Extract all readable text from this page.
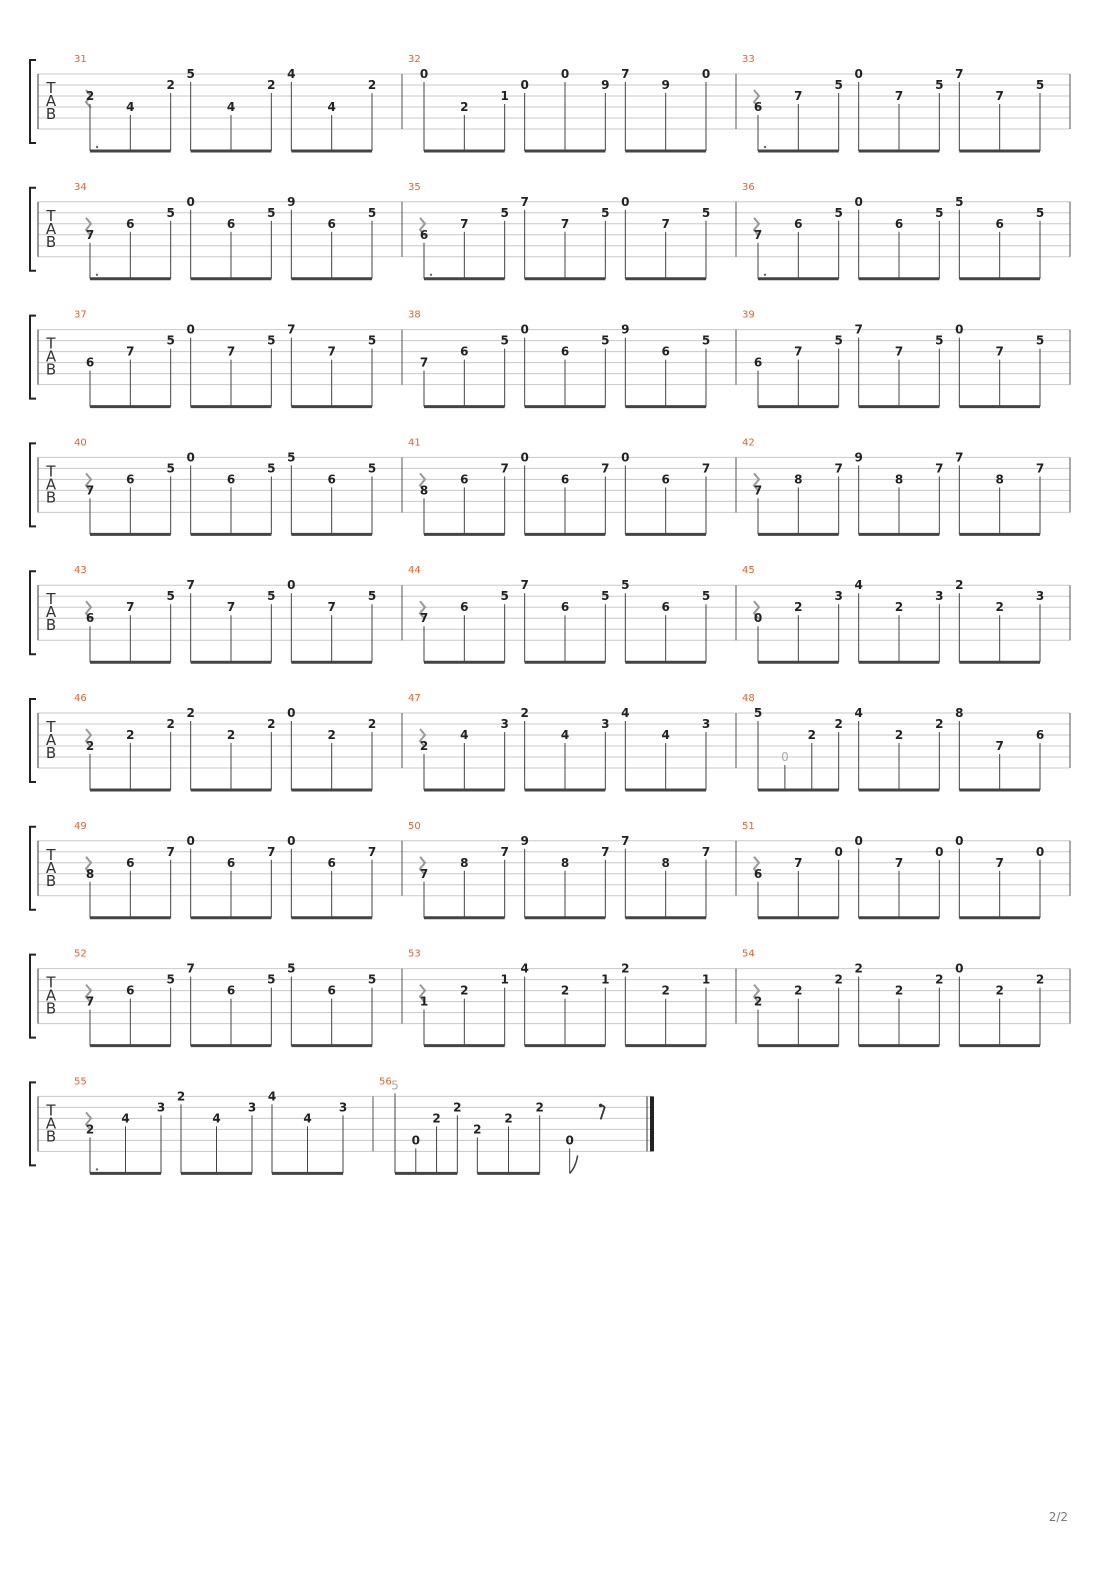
T
A
B
31
2
4
2
5
4
2
4
4
2
32
0
2
1
0
0
9
7
9
0
33
6
7
5
0
7
5
7
7
5
T
A
B
34
7
6
5
0
6
5
9
6
5
35
6
7
5
7
7
5
0
7
5
36
7
6
5
0
6
5
5
6
5
T
A
B
37
6
7
5
0
7
5
7
7
5
38
7
6
5
0
6
5
9
6
5
39
6
7
5
7
7
5
0
7
5
T
A
B
40
7
6
5
0
6
5
5
6
5
41
8
6
7
0
6
7
0
6
7
42
7
8
7
9
8
7
7
8
7
T
A
B
43
6
7
5
7
7
5
0
7
5
44
7
6
5
7
6
5
5
6
5
45
0
2
3
4
2
3
2
2
3
T
A
B
46
2
2
2
2
2
2
0
2
2
47
2
4
3
2
4
3
4
4
3
48
5
0
2
2
4
2
2
8
7
6
T
A
B
49
8
6
7
0
6
7
0
6
7
50
7
8
7
9
8
7
7
8
7
51
6
7
0
0
7
0
0
7
0
T
A
B
52
7
6
5
7
6
5
5
6
5
53
1
2
1
4
2
1
2
2
1
54
2
2
2
2
2
2
0
2
2
T
A
B
55
2
4
3
2
4
3
4
4
3
56 5
0
2
2
2
2
2
0
2/2
